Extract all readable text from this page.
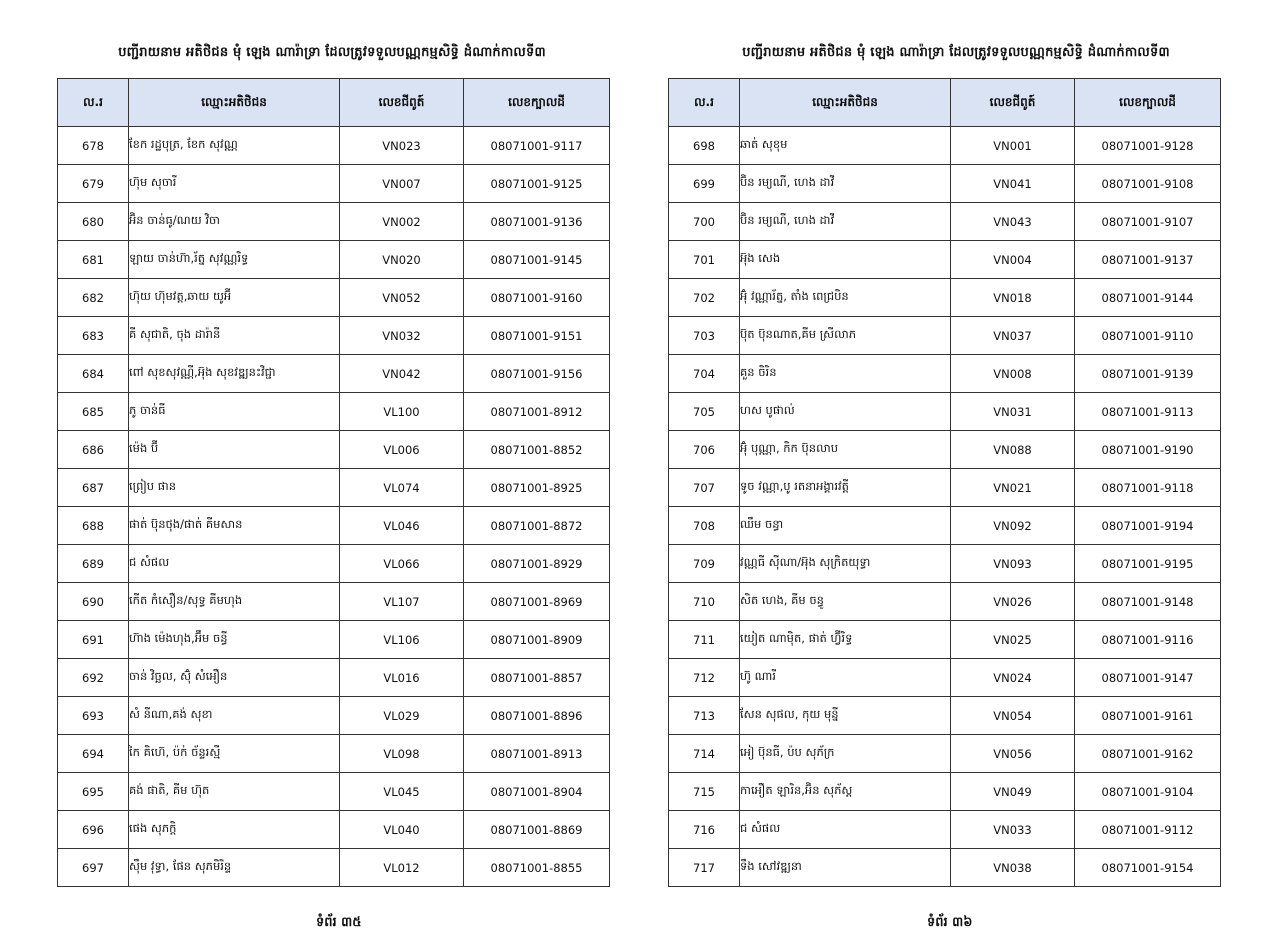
បញ្ជីរាយនាម អតិថិជន មុំ ឡេង ណារ៉ាទ្រា ដែលត្រូវទទួលបណ្ណកម្មសិទ្ធិ ដំណាក់កាលទី៣
ល.រ	ឈ្មោះអតិថិជន	លេខជីពូត៍	លេខក្បាលដី
678	ខែក រដ្ឋបុត្រ, ខែក សុវណ្ណ	VN023	08071001-9117
679	ហ៊ុម សុចារី	VN007	08071001-9125
680	អ៊ិន ចាន់ធូ/ណយ វិចា	VN002	08071001-9136
681	ឡាយ ចាន់ហ៊ា,រ័ត្ន សុវណ្ណរិទ្ធ	VN020	08071001-9145
682	ហ៊ុយ ហ៊ុមវត្ត,ឆាយ យូអ៊ី	VN052	08071001-9160
683	គី សុជាតិ, ចុង ដារ៉ានី	VN032	08071001-9151
684	ពៅ សុខសុវណ្ណី,អ៊ុង សុខវឌ្ឍនះវិជ្ជា	VN042	08071001-9156
685	ភូ ចាន់ធី	VL100	08071001-8912
686	ម៉េង ប៊ី	VL006	08071001-8852
687	ព្រៀប ផាន	VL074	08071001-8925
688	ផាត់ ប៊ុនថុង/ផាត់ គីមសាន	VL046	08071001-8872
689	ជ សំផល	VL066	08071001-8929
690	កើត កំសឿន/សុទ្ធ គីមហុង	VL107	08071001-8969
691	ហ៊ាង ម៉េងហុង,អ៊ឹម ចន្ធី	VL106	08071001-8909
692	ចាន់ វិច្ឆល, ស៊ុំ សំអឿន	VL016	08071001-8857
693	សំ នីណា,គង់ សុខា	VL029	08071001-8896
694	កៃ គិហ៊េ, ប៉ក់ ច័ន្ទរស្មី	VL098	08071001-8913
695	គង់ ផាតិ, គីម ហ៊ុត	VL045	08071001-8904
696	ផេង សុភក្ដិ	VL040	08071001-8869
697	ស៊ឹម វុទ្ធា, ផែន សុភមិរិន្ទ	VL012	08071001-8855
ទំព័រ ៣៥
បញ្ជីរាយនាម អតិថិជន មុំ ឡេង ណារ៉ាទ្រា ដែលត្រូវទទួលបណ្ណកម្មសិទ្ធិ ដំណាក់កាលទី៣
ល.រ	ឈ្មោះអតិថិជន	លេខជីពូត៍	លេខក្បាលដី
698	ឆាត់ សុខុម	VN001	08071001-9128
699	ប៊ិន រម្យណី, ហេង ដាវី	VN041	08071001-9108
700	ប៊ិន រម្យណី, ហេង ដាវី	VN043	08071001-9107
701	អ៊ុង សេង	VN004	08071001-9137
702	អ៊ុំ វណ្ណារ័ត្ន, តាំង ពេជ្របិន	VN018	08071001-9144
703	ប៊ុត ប៊ុនណាត,គីម ស្រីលាភ	VN037	08071001-9110
704	គួន ចិរិន	VN008	08071001-9139
705	ហស បូផាល់	VN031	08071001-9113
706	អ៊ុំ បុណ្ណា, កិក ប៊ុនលាប	VN088	08071001-9190
707	ទូច វណ្ណា,បូ រតនាអង្គារវត្តី	VN021	08071001-9118
708	ឈឹម ចន្ធា	VN092	08071001-9194
709	វណ្ណធី ស៊ីណា/អ៊ុង សុក្រិតយុទ្ធា	VN093	08071001-9195
710	សិត ហេង, គីម ចន្ធូ	VN026	08071001-9148
711	យៀត ណាម៉ិត, ផាត់ ហ្វ៊ីរិទ្ធ	VN025	08071001-9116
712	ហ៊ូ ណារី	VN024	08071001-9147
713	សែន សុផល, កុយ មុន្នី	VN054	08071001-9161
714	អៀ ប៊ុនធី, ប៉ប សុភ័ក្រ	VN056	08071001-9162
715	កាអឿត ឡារិន,អ៊ិន សុភ័ស្ត	VN049	08071001-9104
716	ជ សំផល	VN033	08071001-9112
717	ទឹង សៅវឌ្ឍនា	VN038	08071001-9154
ទំព័រ ៣៦
